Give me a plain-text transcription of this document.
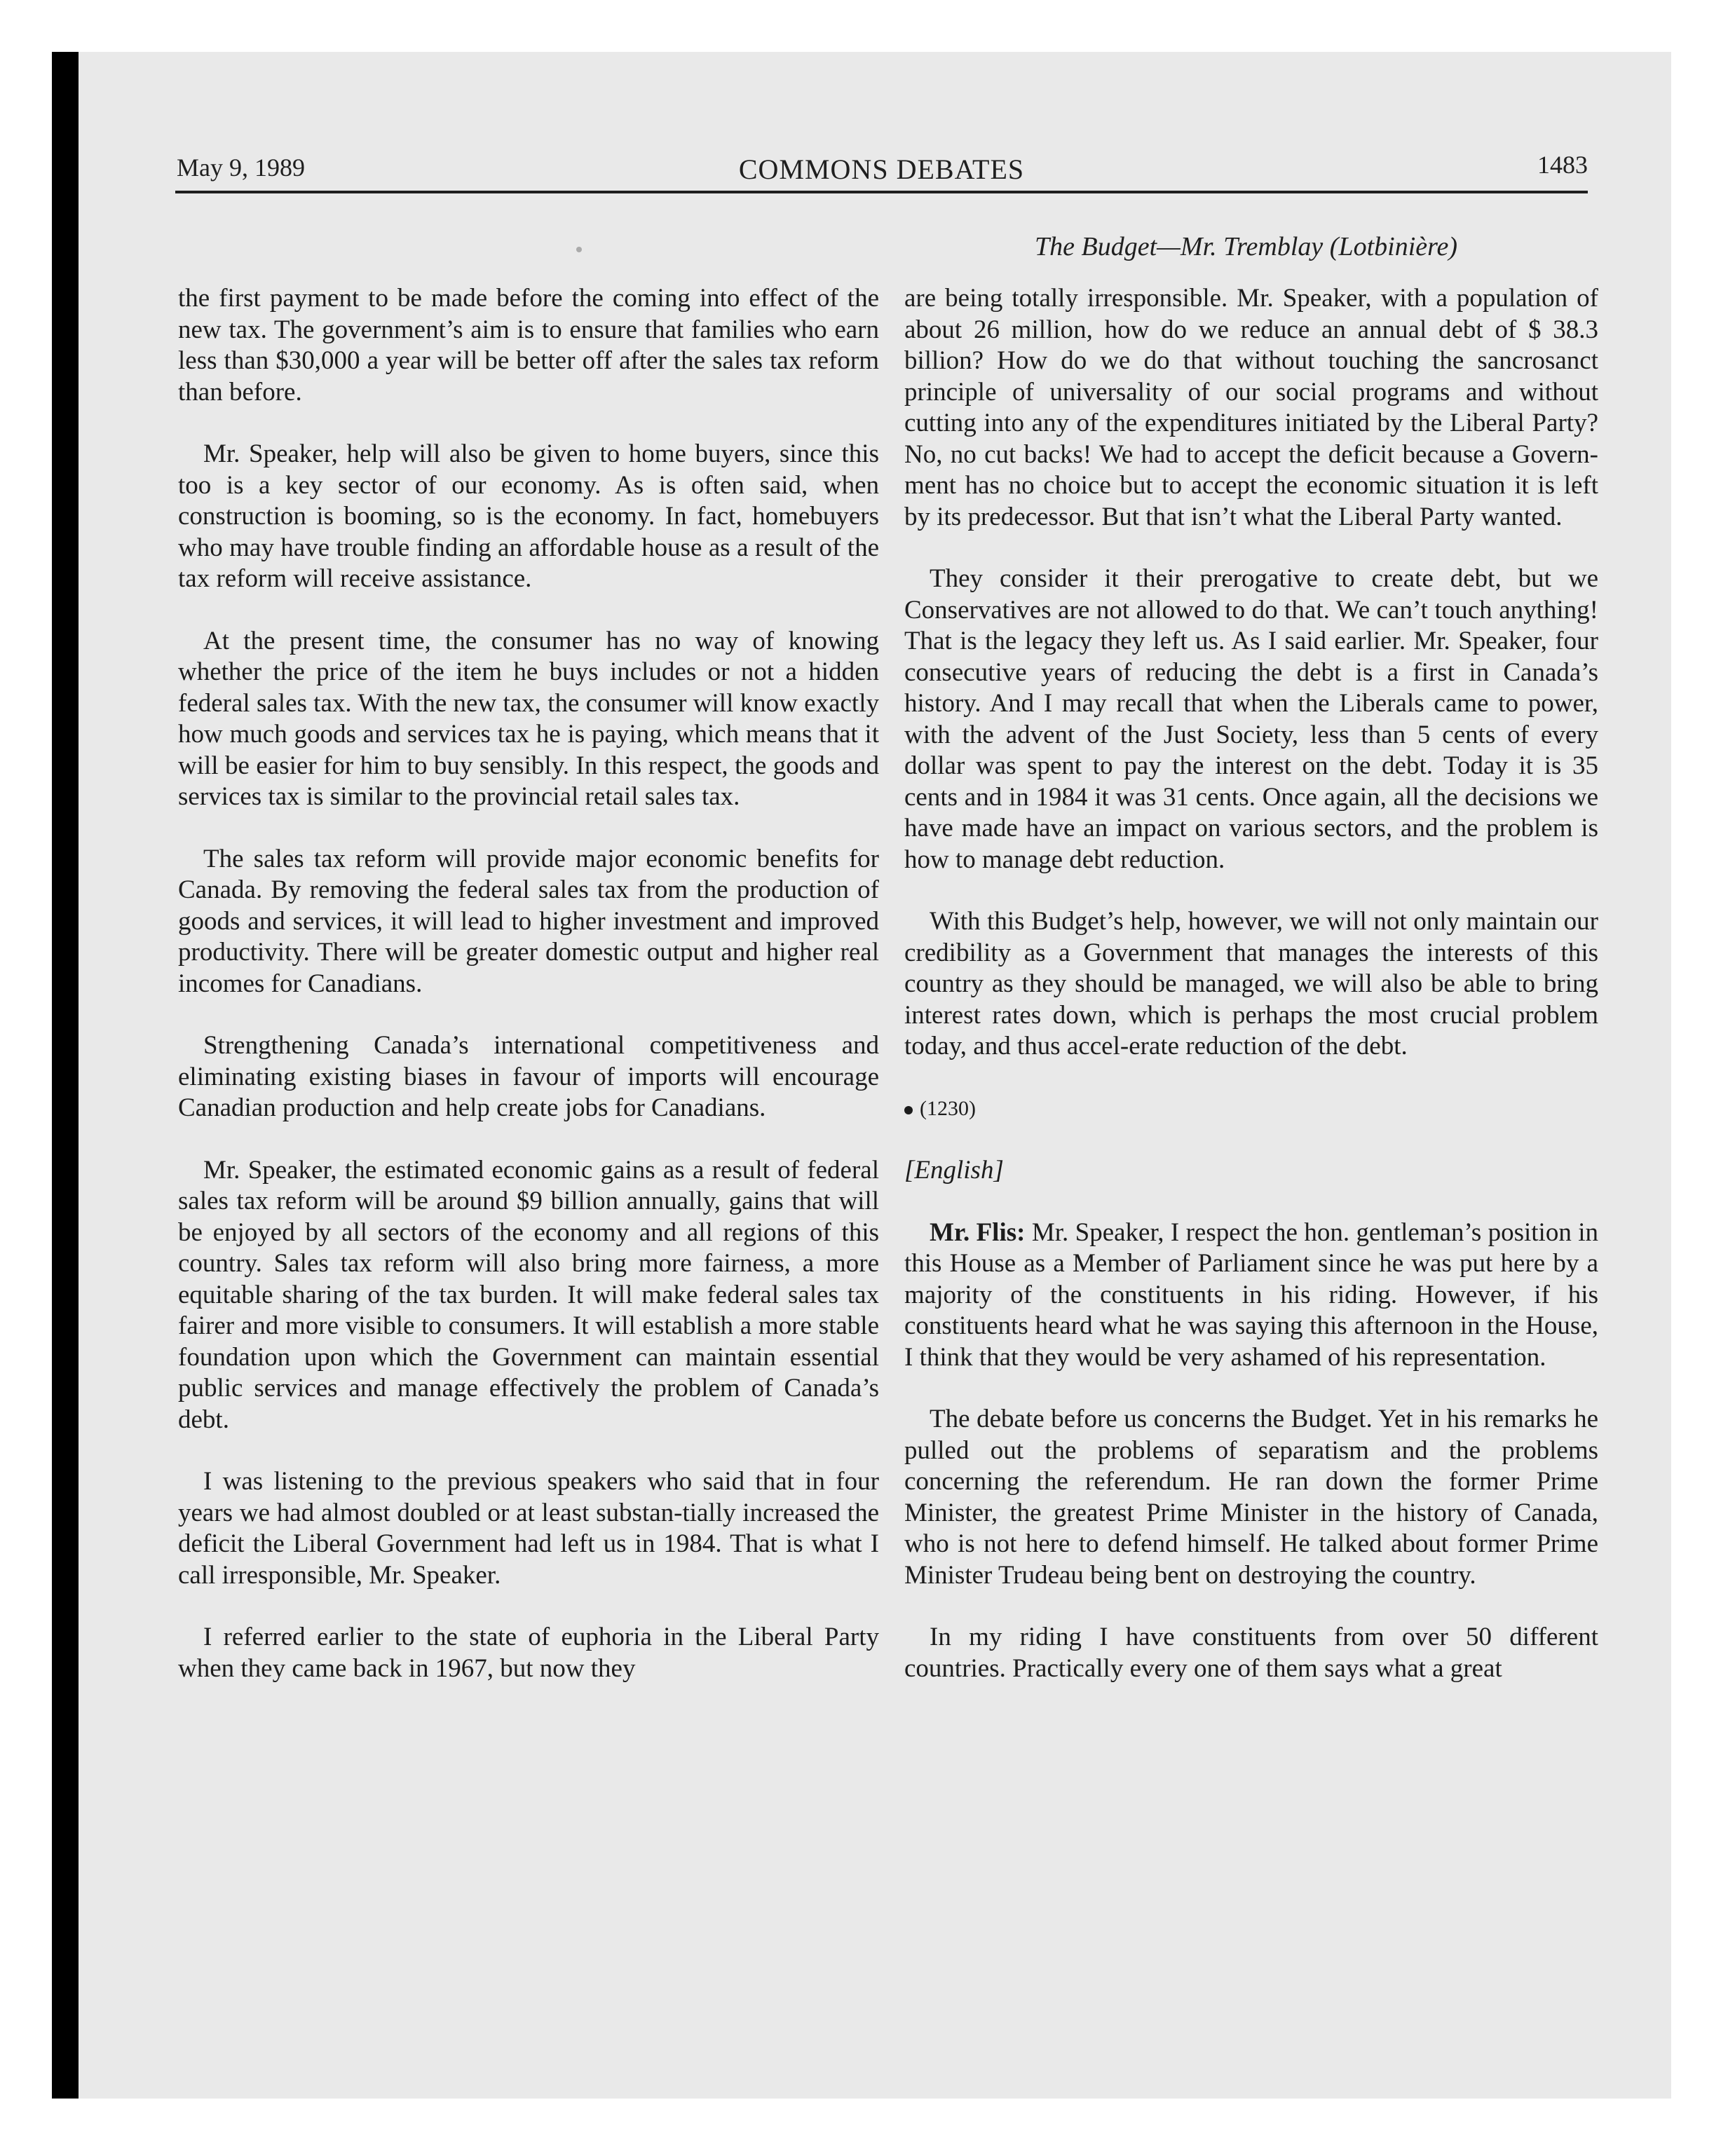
May 9, 1989	COMMONS DEBATES	1483
The Budget—Mr. Tremblay (Lotbinière)

the first payment to be made before the coming into effect of the new tax. The government’s aim is to ensure that families who earn less than $30,000 a year will be better off after the sales tax reform than before.

Mr. Speaker, help will also be given to home buyers, since this too is a key sector of our economy. As is often said, when construction is booming, so is the economy. In fact, homebuyers who may have trouble finding an affordable house as a result of the tax reform will receive assistance.

At the present time, the consumer has no way of knowing whether the price of the item he buys includes or not a hidden federal sales tax. With the new tax, the consumer will know exactly how much goods and services tax he is paying, which means that it will be easier for him to buy sensibly. In this respect, the goods and services tax is similar to the provincial retail sales tax.

The sales tax reform will provide major economic benefits for Canada. By removing the federal sales tax from the production of goods and services, it will lead to higher investment and improved productivity. There will be greater domestic output and higher real incomes for Canadians.

Strengthening Canada’s international competitiveness and eliminating existing biases in favour of imports will encourage Canadian production and help create jobs for Canadians.

Mr. Speaker, the estimated economic gains as a result of federal sales tax reform will be around $9 billion annually, gains that will be enjoyed by all sectors of the economy and all regions of this country. Sales tax reform will also bring more fairness, a more equitable sharing of the tax burden. It will make federal sales tax fairer and more visible to consumers. It will establish a more stable foundation upon which the Government can maintain essential public services and manage effectively the problem of Canada’s debt.

I was listening to the previous speakers who said that in four years we had almost doubled or at least substan-tially increased the deficit the Liberal Government had left us in 1984. That is what I call irresponsible, Mr. Speaker.

I referred earlier to the state of euphoria in the Liberal Party when they came back in 1967, but now they

are being totally irresponsible. Mr. Speaker, with a population of about 26 million, how do we reduce an annual debt of $ 38.3 billion? How do we do that without touching the sancrosanct principle of universality of our social programs and without cutting into any of the expenditures initiated by the Liberal Party? No, no cut backs! We had to accept the deficit because a Govern-ment has no choice but to accept the economic situation it is left by its predecessor. But that isn’t what the Liberal Party wanted.

They consider it their prerogative to create debt, but we Conservatives are not allowed to do that. We can’t touch anything! That is the legacy they left us. As I said earlier. Mr. Speaker, four consecutive years of reducing the debt is a first in Canada’s history. And I may recall that when the Liberals came to power, with the advent of the Just Society, less than 5 cents of every dollar was spent to pay the interest on the debt. Today it is 35 cents and in 1984 it was 31 cents. Once again, all the decisions we have made have an impact on various sectors, and the problem is how to manage debt reduction.

With this Budget’s help, however, we will not only maintain our credibility as a Government that manages the interests of this country as they should be managed, we will also be able to bring interest rates down, which is perhaps the most crucial problem today, and thus accel-erate reduction of the debt.

(1230)
[English]

Mr. Flis: Mr. Speaker, I respect the hon. gentleman’s position in this House as a Member of Parliament since he was put here by a majority of the constituents in his riding. However, if his constituents heard what he was saying this afternoon in the House, I think that they would be very ashamed of his representation.

The debate before us concerns the Budget. Yet in his remarks he pulled out the problems of separatism and the problems concerning the referendum. He ran down the former Prime Minister, the greatest Prime Minister in the history of Canada, who is not here to defend himself. He talked about former Prime Minister Trudeau being bent on destroying the country.

In my riding I have constituents from over 50 different countries. Practically every one of them says what a great
